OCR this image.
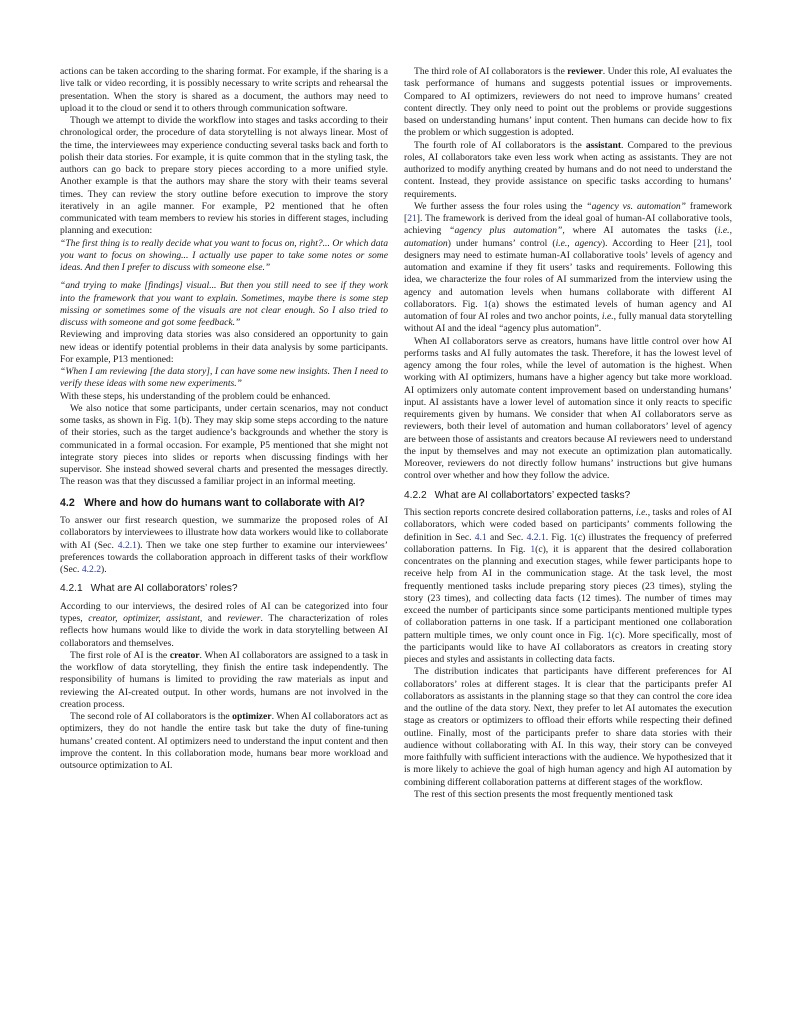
actions can be taken according to the sharing format. For example, if the sharing is a live talk or video recording, it is possibly necessary to write scripts and rehearsal the presentation. When the story is shared as a document, the authors may need to upload it to the cloud or send it to others through communication software.

Though we attempt to divide the workflow into stages and tasks according to their chronological order, the procedure of data storytelling is not always linear. Most of the time, the interviewees may experience conducting several tasks back and forth to polish their data stories. For example, it is quite common that in the styling task, the authors can go back to prepare story pieces according to a more unified style. Another example is that the authors may share the story with their teams several times. They can review the story outline before execution to improve the story iteratively in an agile manner. For example, P2 mentioned that he often communicated with team members to review his stories in different stages, including planning and execution:

“The first thing is to really decide what you want to focus on, right?... Or which data you want to focus on showing... I actually use paper to take some notes or some ideas. And then I prefer to discuss with someone else.”

“and trying to make [findings] visual... But then you still need to see if they work into the framework that you want to explain. Sometimes, maybe there is some step missing or sometimes some of the visuals are not clear enough. So I also tried to discuss with someone and got some feedback.”

Reviewing and improving data stories was also considered an opportunity to gain new ideas or identify potential problems in their data analysis by some participants. For example, P13 mentioned:

“When I am reviewing [the data story], I can have some new insights. Then I need to verify these ideas with some new experiments.”

With these steps, his understanding of the problem could be enhanced.

We also notice that some participants, under certain scenarios, may not conduct some tasks, as shown in Fig. 1(b). They may skip some steps according to the nature of their stories, such as the target audience’s backgrounds and whether the story is communicated in a formal occasion. For example, P5 mentioned that she might not integrate story pieces into slides or reports when discussing findings with her supervisor. She instead showed several charts and presented the messages directly. The reason was that they discussed a familiar project in an informal meeting.

4.2 Where and how do humans want to collaborate with AI?

To answer our first research question, we summarize the proposed roles of AI collaborators by interviewees to illustrate how data workers would like to collaborate with AI (Sec. 4.2.1). Then we take one step further to examine our interviewees’ preferences towards the collaboration approach in different tasks of their workflow (Sec. 4.2.2).

4.2.1 What are AI collaborators’ roles?

According to our interviews, the desired roles of AI can be categorized into four types, creator, optimizer, assistant, and reviewer. The characterization of roles reflects how humans would like to divide the work in data storytelling between AI collaborators and themselves.

The first role of AI is the creator. When AI collaborators are assigned to a task in the workflow of data storytelling, they finish the entire task independently. The responsibility of humans is limited to providing the raw materials as input and reviewing the AI-created output. In other words, humans are not involved in the creation process.

The second role of AI collaborators is the optimizer. When AI collaborators act as optimizers, they do not handle the entire task but take the duty of fine-tuning humans’ created content. AI optimizers need to understand the input content and then improve the content. In this collaboration mode, humans bear more workload and outsource optimization to AI.

The third role of AI collaborators is the reviewer. Under this role, AI evaluates the task performance of humans and suggests potential issues or improvements. Compared to AI optimizers, reviewers do not need to improve humans’ created content directly. They only need to point out the problems or provide suggestions based on understanding humans’ input content. Then humans can decide how to fix the problem or which suggestion is adopted.

The fourth role of AI collaborators is the assistant. Compared to the previous roles, AI collaborators take even less work when acting as assistants. They are not authorized to modify anything created by humans and do not need to understand the content. Instead, they provide assistance on specific tasks according to humans’ requirements.

We further assess the four roles using the “agency vs. automation” framework [21]. The framework is derived from the ideal goal of human-AI collaborative tools, achieving “agency plus automation”, where AI automates the tasks (i.e., automation) under humans’ control (i.e., agency). According to Heer [21], tool designers may need to estimate human-AI collaborative tools’ levels of agency and automation and examine if they fit users’ tasks and requirements. Following this idea, we characterize the four roles of AI summarized from the interview using the agency and automation levels when humans collaborate with different AI collaborators. Fig. 1(a) shows the estimated levels of human agency and AI automation of four AI roles and two anchor points, i.e., fully manual data storytelling without AI and the ideal “agency plus automation”.

When AI collaborators serve as creators, humans have little control over how AI performs tasks and AI fully automates the task. Therefore, it has the lowest level of agency among the four roles, while the level of automation is the highest. When working with AI optimizers, humans have a higher agency but take more workload. AI optimizers only automate content improvement based on understanding humans’ input. AI assistants have a lower level of automation since it only reacts to specific requirements given by humans. We consider that when AI collaborators serve as reviewers, both their level of automation and human collaborators’ level of agency are between those of assistants and creators because AI reviewers need to understand the input by themselves and may not execute an optimization plan automatically. Moreover, reviewers do not directly follow humans’ instructions but give humans control over whether and how they follow the advice.

4.2.2 What are AI collabortators’ expected tasks?

This section reports concrete desired collaboration patterns, i.e., tasks and roles of AI collaborators, which were coded based on participants’ comments following the definition in Sec. 4.1 and Sec. 4.2.1. Fig. 1(c) illustrates the frequency of preferred collaboration patterns. In Fig. 1(c), it is apparent that the desired collaboration concentrates on the planning and execution stages, while fewer participants hope to receive help from AI in the communication stage. At the task level, the most frequently mentioned tasks include preparing story pieces (23 times), styling the story (23 times), and collecting data facts (12 times). The number of times may exceed the number of participants since some participants mentioned multiple types of collaboration patterns in one task. If a participant mentioned one collaboration pattern multiple times, we only count once in Fig. 1(c). More specifically, most of the participants would like to have AI collaborators as creators in creating story pieces and styles and assistants in collecting data facts.

The distribution indicates that participants have different preferences for AI collaborators’ roles at different stages. It is clear that the participants prefer AI collaborators as assistants in the planning stage so that they can control the core idea and the outline of the data story. Next, they prefer to let AI automates the execution stage as creators or optimizers to offload their efforts while respecting their defined outline. Finally, most of the participants prefer to share data stories with their audience without collaborating with AI. In this way, their story can be conveyed more faithfully with sufficient interactions with the audience. We hypothesized that it is more likely to achieve the goal of high human agency and high AI automation by combining different collaboration patterns at different stages of the workflow.

The rest of this section presents the most frequently mentioned task
